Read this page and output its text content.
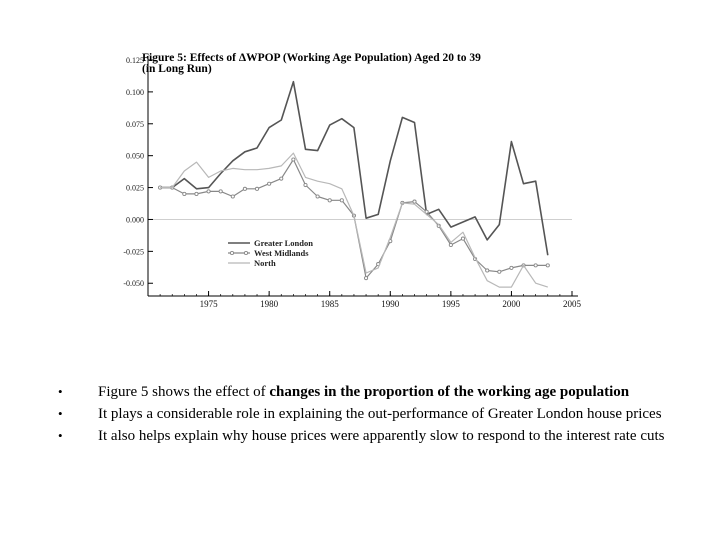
0.125
0.100
0.075
0.050
0.025
0.000
-0.025
-0.050
1975	1980	1985	1990	1995	2000	2005
Figure 5: Effects of ΔWPOP (Working Age Population) Aged 20 to 39
(in Long Run)
Greater London
West Midlands
North
• Figure 5 shows the effect of changes in the proportion of the working age population
• It plays a considerable role in explaining the out-performance of Greater London house prices
• It also helps explain why house prices were apparently slow to respond to the interest rate cuts
